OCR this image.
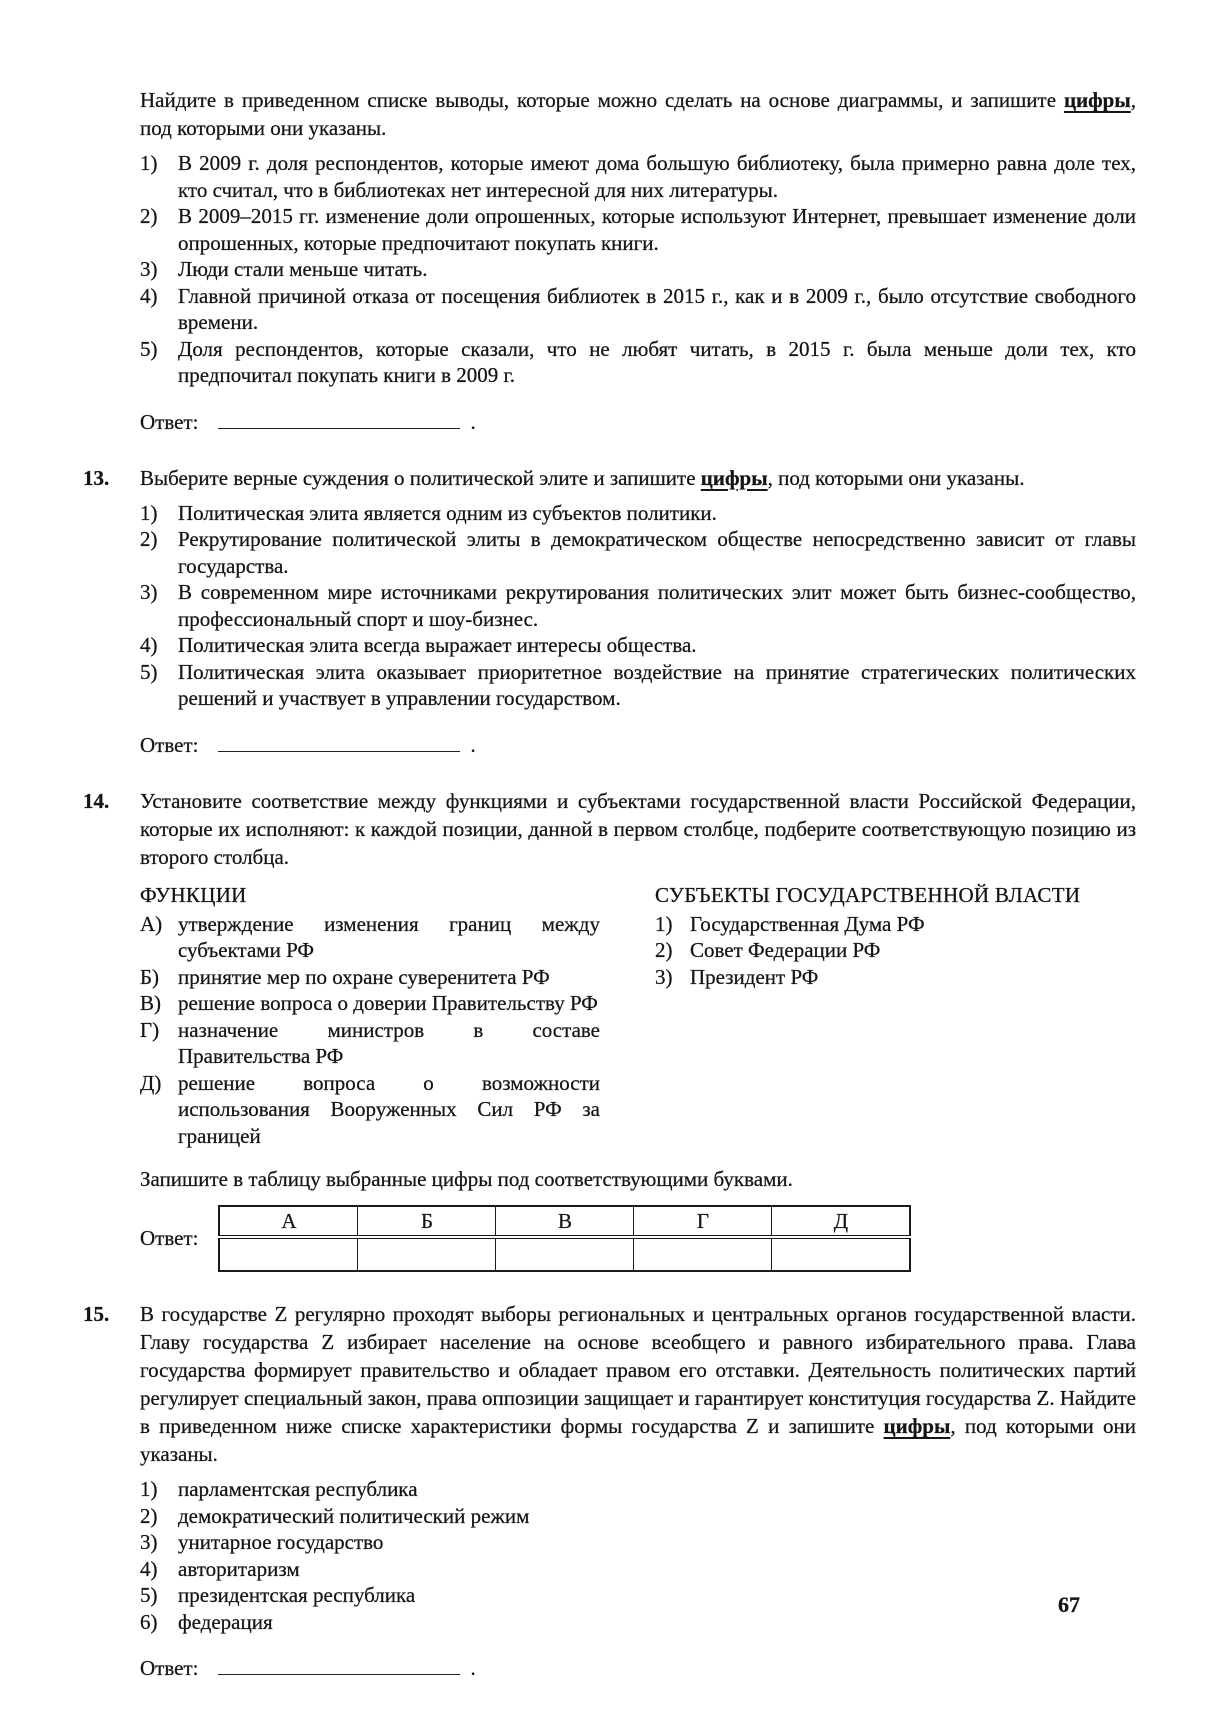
Найдите в приведенном списке выводы, которые можно сделать на основе диаграммы, и запишите цифры, под которыми они указаны.

1) В 2009 г. доля респондентов, которые имеют дома большую библиотеку, была примерно равна доле тех, кто считал, что в библиотеках нет интересной для них литературы.
2) В 2009–2015 гг. изменение доли опрошенных, которые используют Интернет, превышает изменение доли опрошенных, которые предпочитают покупать книги.
3) Люди стали меньше читать.
4) Главной причиной отказа от посещения библиотек в 2015 г., как и в 2009 г., было отсутствие свободного времени.
5) Доля респондентов, которые сказали, что не любят читать, в 2015 г. была меньше доли тех, кто предпочитал покупать книги в 2009 г.
Ответ:	.
13. Выберите верные суждения о политической элите и запишите цифры, под которыми они указаны.

1) Политическая элита является одним из субъектов политики.
2) Рекрутирование политической элиты в демократическом обществе непосредственно зависит от главы государства.
3) В современном мире источниками рекрутирования политических элит может быть бизнес-сообщество, профессиональный спорт и шоу-бизнес.
4) Политическая элита всегда выражает интересы общества.
5) Политическая элита оказывает приоритетное воздействие на принятие стратегических политических решений и участвует в управлении государством.
Ответ:	.
14. Установите соответствие между функциями и субъектами государственной власти Российской Федерации, которые их исполняют: к каждой позиции, данной в первом столбце, подберите соответствующую позицию из второго столбца.

ФУНКЦИИ

А) утверждение изменения границ между субъектами РФ
Б) принятие мер по охране суверенитета РФ
В) решение вопроса о доверии Правительству РФ
Г) назначение министров в составе Правительства РФ
Д) решение вопроса о возможности использования Вооруженных Сил РФ за границей

СУБЪЕКТЫ ГОСУДАРСТВЕННОЙ ВЛАСТИ

1) Государственная Дума РФ
2) Совет Федерации РФ
3) Президент РФ
Запишите в таблицу выбранные цифры под соответствующими буквами.
Ответ:
А	Б	В	Г	Д

15. В государстве Z регулярно проходят выборы региональных и центральных органов государственной власти. Главу государства Z избирает население на основе всеобщего и равного избирательного права. Глава государства формирует правительство и обладает правом его отставки. Деятельность политических партий регулирует специальный закон, права оппозиции защищает и гарантирует конституция государства Z. Найдите в приведенном ниже списке характеристики формы государства Z и запишите цифры, под которыми они указаны.

1) парламентская республика
2) демократический политический режим
3) унитарное государство
4) авторитаризм
5) президентская республика
6) федерация
Ответ:	.
67
